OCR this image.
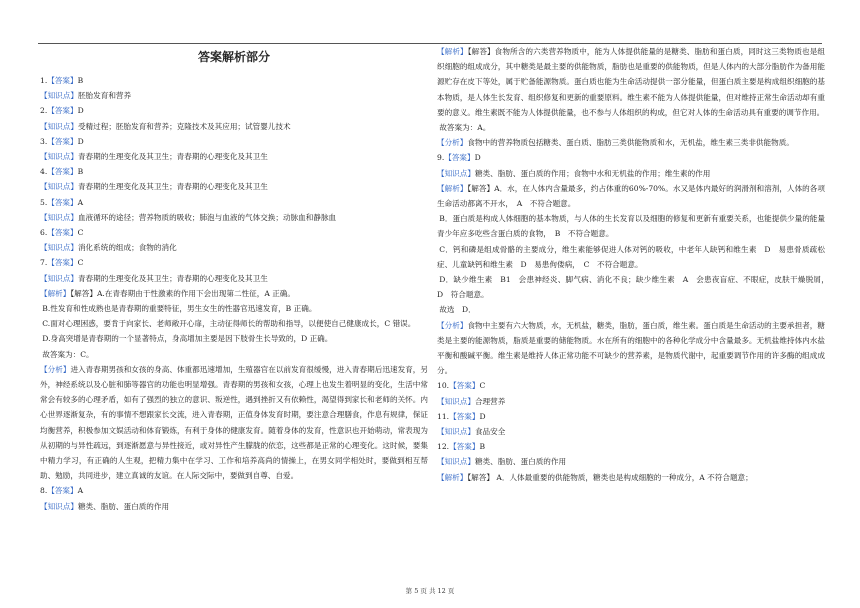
答案解析部分

1.【答案】B

【知识点】胚胎发育和营养

2.【答案】D

【知识点】受精过程；胚胎发育和营养；克隆技术及其应用；试管婴儿技术

3.【答案】D

【知识点】青春期的生理变化及其卫生；青春期的心理变化及其卫生

4.【答案】B

【知识点】青春期的生理变化及其卫生；青春期的心理变化及其卫生

5.【答案】A

【知识点】血液循环的途径；营养物质的吸收；肺泡与血液的气体交换；动脉血和静脉血

6.【答案】C

【知识点】消化系统的组成；食物的消化

7.【答案】C

【知识点】青春期的生理变化及其卫生；青春期的心理变化及其卫生

【解析】【解答】A.在青春期由于性激素的作用下会出现第二性征，A 正确。

B.性发育和性成熟也是青春期的重要特征，男生女生的性器官迅速发育，B 正确。

C.面对心理困惑，要肯于向家长、老师敞开心扉，主动征得师长的帮助和指导，以便使自己健康成长，C 错误。

D.身高突增是青春期的一个显著特点，身高增加主要是因下肢骨生长导致的，D 正确。

故答案为：C。

【分析】进入青春期男孩和女孩的身高、体重都迅速增加，生殖器官在以前发育很缓慢，进入青春期后迅速发育，另外，神经系统以及心脏和肺等器官的功能也明显增强。青春期的男孩和女孩，心理上也发生着明显的变化，生活中常常会有较多的心理矛盾，如有了强烈的独立的意识、叛逆性，遇到挫折又有依赖性，渴望得到家长和老师的关怀。内心世界逐渐复杂，有的事情不想跟家长交流，进入青春期，正值身体发育时期，要注意合理膳食，作息有规律，保证均衡营养，积极参加文娱活动和体育锻炼，有利于身体的健康发育。随着身体的发育，性意识也开始萌动，常表现为从初期的与异性疏远，到逐渐愿意与异性接近，或对异性产生朦胧的依恋，这些都是正常的心理变化。这时候，要集中精力学习，有正确的人生观，把精力集中在学习、工作和培养高尚的情操上，在男女同学相处时，要做到相互帮助、勉励，共同进步，建立真诚的友谊。在人际交际中，要做到自尊、自爱。

8.【答案】A

【知识点】糖类、脂肪、蛋白质的作用

【解析】【解答】食物所含的六类营养物质中，能为人体提供能量的是糖类、脂肪和蛋白质，同时这三类物质也是组织细胞的组成成分，其中糖类是最主要的供能物质，脂肪也是重要的供能物质，但是人体内的大部分脂肪作为备用能源贮存在皮下等处，属于贮备能源物质。蛋白质也能为生命活动提供一部分能量，但蛋白质主要是构成组织细胞的基本物质，是人体生长发育、组织修复和更新的重要原料。维生素不能为人体提供能量，但对维持正常生命活动却有重要的意义。维生素既不能为人体提供能量，也不参与人体组织的构成，但它对人体的生命活动具有重要的调节作用。

故答案为：A。

【分析】食物中的营养物质包括糖类、蛋白质、脂肪三类供能物质和水，无机盐，维生素三类非供能物质。

9.【答案】D

【知识点】糖类、脂肪、蛋白质的作用；食物中水和无机盐的作用；维生素的作用

【解析】【解答】A．水，在人体内含量最多，约占体重的60%-70%。水又是体内最好的润滑剂和溶剂，人体的各项生命活动都离不开水，　A　不符合题意。

B．蛋白质是构成人体细胞的基本物质，与人体的生长发育以及细胞的修复和更新有重要关系，也能提供少量的能量青少年应多吃些含蛋白质的食物，　B　不符合题意。

C．钙和磷是组成骨骼的主要成分，维生素能够促进人体对钙的吸收，中老年人缺钙和维生素　D　易患骨质疏松症、儿童缺钙和维生素　D　易患佝偻病，　C　不符合题意。

D．缺少维生素　B1　会患神经炎、脚气病、消化不良；缺少维生素　A　会患夜盲症、不眼症，皮肤干燥脱屑，　D　符合题意。

故选　D．

【分析】食物中主要有六大物质，水，无机盐，糖类，脂肪，蛋白质，维生素。蛋白质是生命活动的主要承担者，糖类是主要的能源物质，脂质是重要的储能物质。水在所有的细胞中的各种化学成分中含量最多。无机盐维持体内水盐平衡和酸碱平衡。维生素是维持人体正常功能不可缺少的营养素，是物质代谢中，起重要调节作用的许多酶的组成成分。

10.【答案】C

【知识点】合理营养

11.【答案】D

【知识点】食品安全

12.【答案】B

【知识点】糖类、脂肪、蛋白质的作用

【解析】【解答】 A．人体最重要的供能物质，糖类也是构成细胞的一种成分，A 不符合题意；

第 5 页 共 12 页
